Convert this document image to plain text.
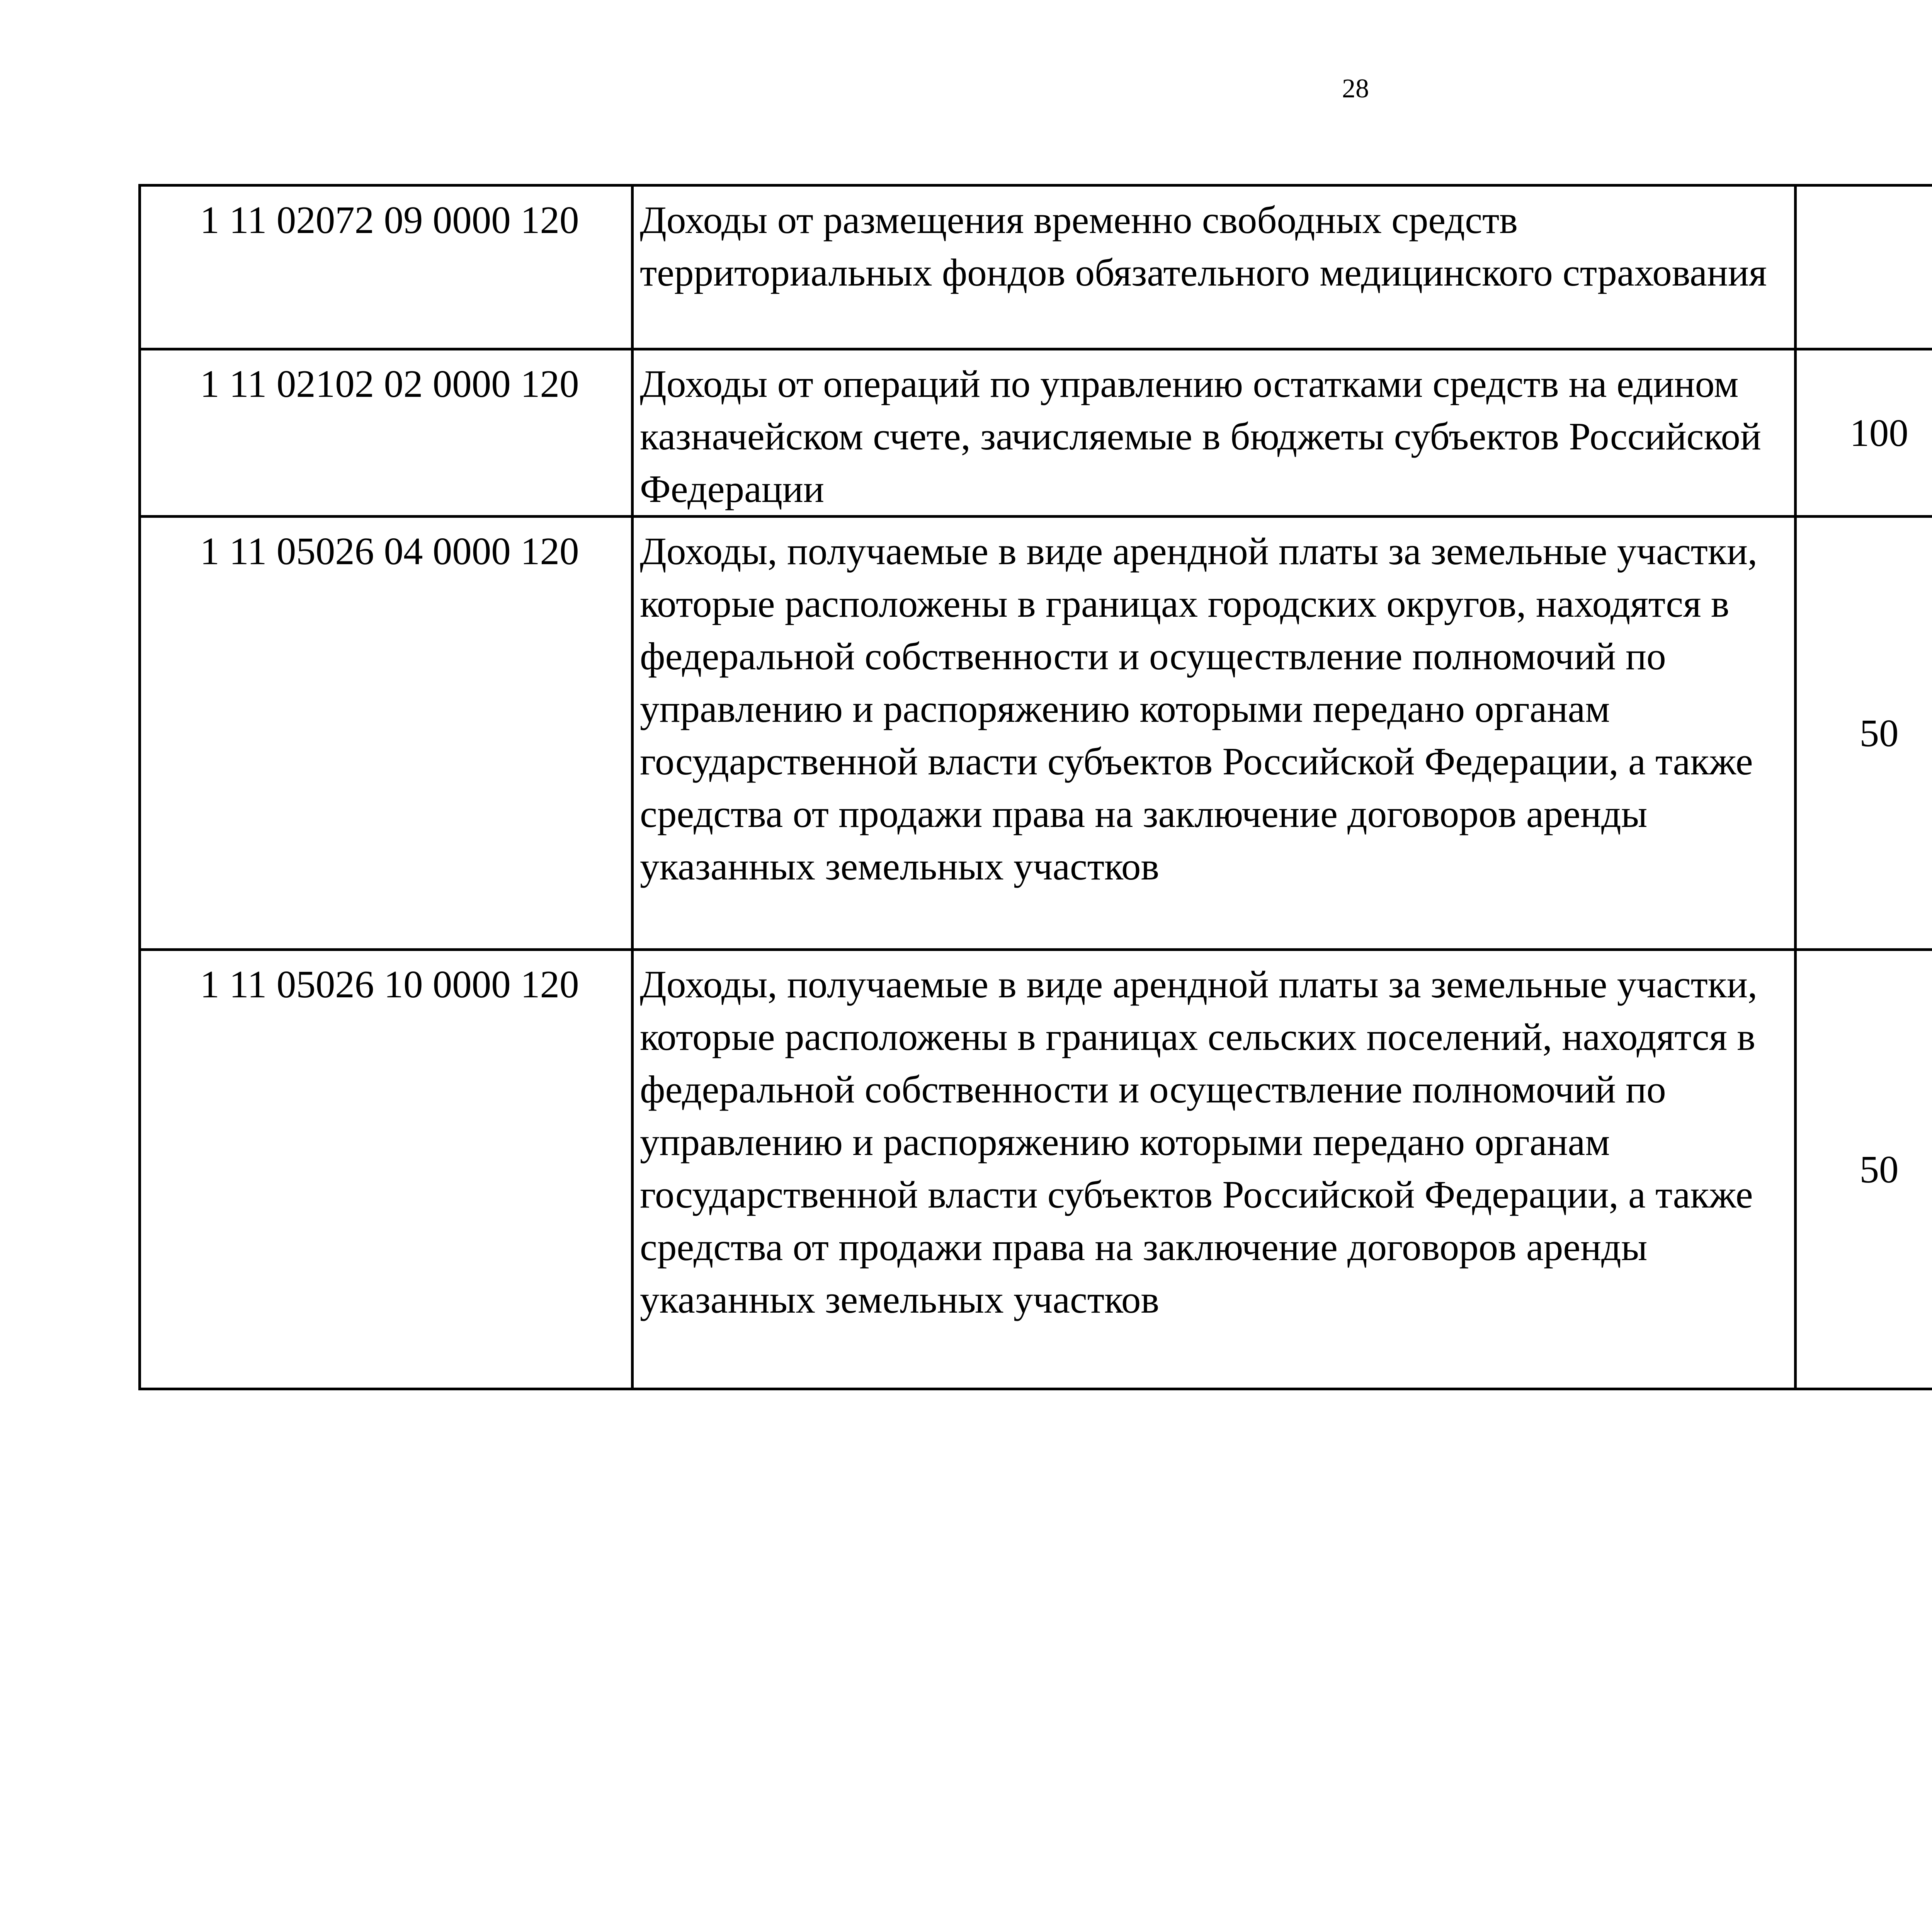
28
1 11 02072 09 0000 120	Доходы от размещения временно свободных средств территориальных фондов обязательного медицинского страхования					
1 11 02102 02 0000 120	Доходы от операций по управлению остатками средств на едином казначейском счете, зачисляемые в бюджеты субъектов Российской Федерации	100				
1 11 05026 04 0000 120	Доходы, получаемые в виде арендной платы за земельные участки, которые расположены в границах городских округов, находятся в федеральной собственности и осуществление полномочий по управлению и распоряжению которыми передано органам государственной власти субъектов Российской Федерации, а также средства от продажи права на заключение договоров аренды указанных земельных участков	50				
1 11 05026 10 0000 120	Доходы, получаемые в виде арендной платы за земельные участки, которые расположены в границах сельских поселений, находятся в федеральной собственности и осуществление полномочий по управлению и распоряжению которыми передано органам государственной власти субъектов Российской Федерации, а также средства от продажи права на заключение договоров аренды указанных земельных участков	50				
